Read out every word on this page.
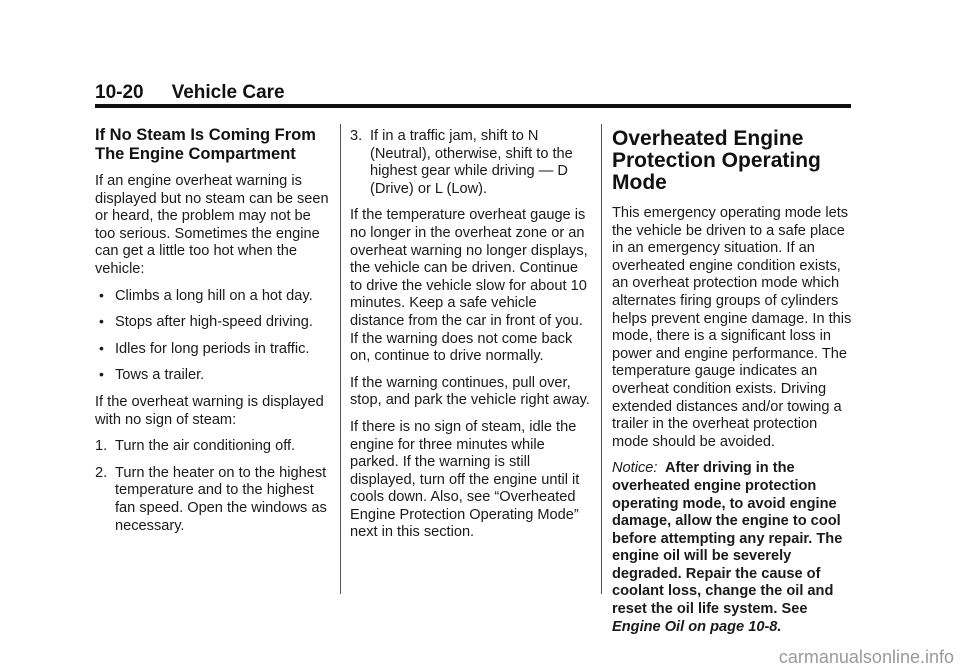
10-20 Vehicle Care
If No Steam Is Coming From The Engine Compartment

If an engine overheat warning is displayed but no steam can be seen or heard, the problem may not be too serious. Sometimes the engine can get a little too hot when the vehicle:

• Climbs a long hill on a hot day.
• Stops after high-speed driving.
• Idles for long periods in traffic.
• Tows a trailer.

If the overheat warning is displayed with no sign of steam:

1. Turn the air conditioning off.
2. Turn the heater on to the highest temperature and to the highest fan speed. Open the windows as necessary.
3. If in a traffic jam, shift to N (Neutral), otherwise, shift to the highest gear while driving — D (Drive) or L (Low).

If the temperature overheat gauge is no longer in the overheat zone or an overheat warning no longer displays, the vehicle can be driven. Continue to drive the vehicle slow for about 10 minutes. Keep a safe vehicle distance from the car in front of you. If the warning does not come back on, continue to drive normally.

If the warning continues, pull over, stop, and park the vehicle right away.

If there is no sign of steam, idle the engine for three minutes while parked. If the warning is still displayed, turn off the engine until it cools down. Also, see “Overheated Engine Protection Operating Mode” next in this section.

Overheated Engine Protection Operating Mode

This emergency operating mode lets the vehicle be driven to a safe place in an emergency situation. If an overheated engine condition exists, an overheat protection mode which alternates firing groups of cylinders helps prevent engine damage. In this mode, there is a significant loss in power and engine performance. The temperature gauge indicates an overheat condition exists. Driving extended distances and/or towing a trailer in the overheat protection mode should be avoided.

Notice: After driving in the overheated engine protection operating mode, to avoid engine damage, allow the engine to cool before attempting any repair. The engine oil will be severely degraded. Repair the cause of coolant loss, change the oil and reset the oil life system. See Engine Oil on page 10‑8.

carmanualsonline.info
